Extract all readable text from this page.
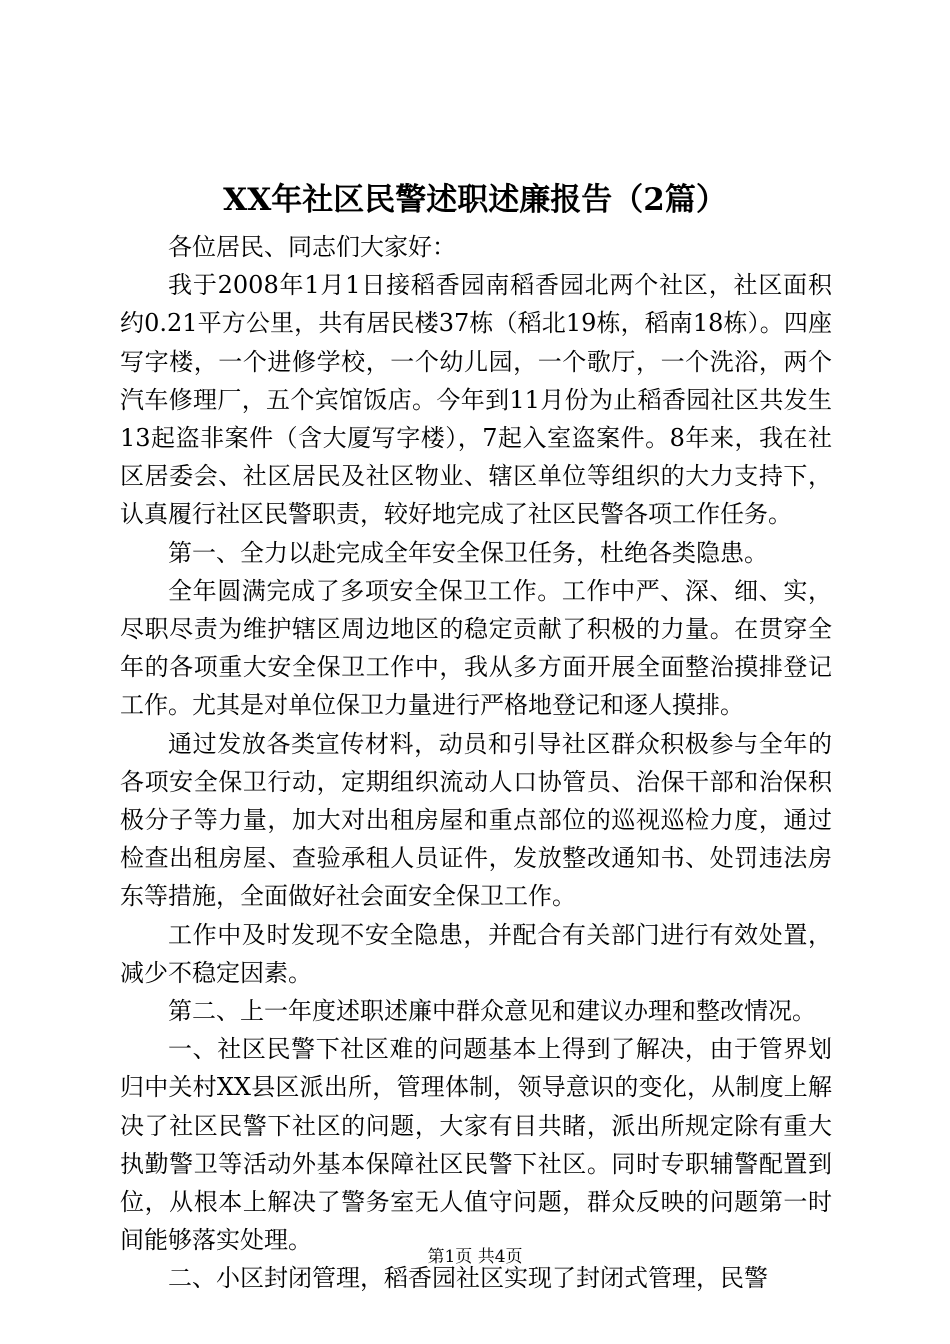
XX年社区民警述职述廉报告（2篇）

各位居民、同志们大家好：

我于2008年1月1日接稻香园南稻香园北两个社区，社区面积约0.21平方公里，共有居民楼37栋（稻北19栋，稻南18栋）。四座写字楼，一个进修学校，一个幼儿园，一个歌厅，一个洗浴，两个汽车修理厂，五个宾馆饭店。今年到11月份为止稻香园社区共发生13起盗非案件（含大厦写字楼），7起入室盗案件。8年来，我在社区居委会、社区居民及社区物业、辖区单位等组织的大力支持下，认真履行社区民警职责，较好地完成了社区民警各项工作任务。

第一、全力以赴完成全年安全保卫任务，杜绝各类隐患。

全年圆满完成了多项安全保卫工作。工作中严、深、细、实，尽职尽责为维护辖区周边地区的稳定贡献了积极的力量。在贯穿全年的各项重大安全保卫工作中，我从多方面开展全面整治摸排登记工作。尤其是对单位保卫力量进行严格地登记和逐人摸排。

通过发放各类宣传材料，动员和引导社区群众积极参与全年的各项安全保卫行动，定期组织流动人口协管员、治保干部和治保积极分子等力量，加大对出租房屋和重点部位的巡视巡检力度，通过检查出租房屋、查验承租人员证件，发放整改通知书、处罚违法房东等措施，全面做好社会面安全保卫工作。

工作中及时发现不安全隐患，并配合有关部门进行有效处置，减少不稳定因素。

第二、上一年度述职述廉中群众意见和建议办理和整改情况。

一、社区民警下社区难的问题基本上得到了解决，由于管界划归中关村XX县区派出所，管理体制，领导意识的变化，从制度上解决了社区民警下社区的问题，大家有目共睹，派出所规定除有重大执勤警卫等活动外基本保障社区民警下社区。同时专职辅警配置到位，从根本上解决了警务室无人值守问题，群众反映的问题第一时间能够落实处理。

二、小区封闭管理，稻香园社区实现了封闭式管理，民警

第1页 共4页
